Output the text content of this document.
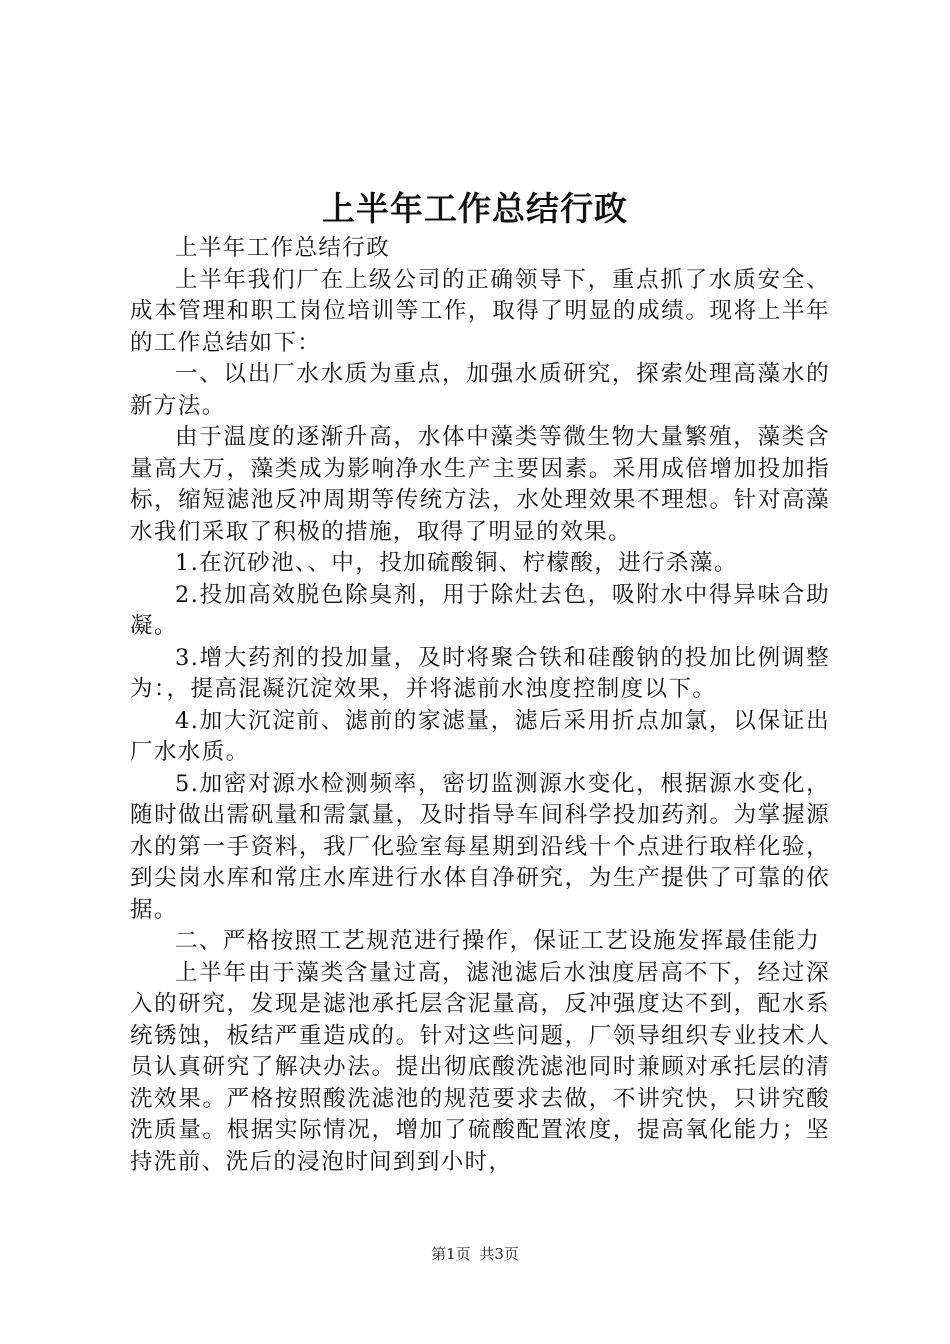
上半年工作总结行政

上半年工作总结行政

上半年我们厂在上级公司的正确领导下，重点抓了水质安全、成本管理和职工岗位培训等工作，取得了明显的成绩。现将上半年的工作总结如下：

一、以出厂水水质为重点，加强水质研究，探索处理高藻水的新方法。

由于温度的逐渐升高，水体中藻类等微生物大量繁殖，藻类含量高大万，藻类成为影响净水生产主要因素。采用成倍增加投加指标，缩短滤池反冲周期等传统方法，水处理效果不理想。针对高藻水我们采取了积极的措施，取得了明显的效果。

1.在沉砂池、、中，投加硫酸铜、柠檬酸，进行杀藻。

2.投加高效脱色除臭剂，用于除灶去色，吸附水中得异味合助凝。

3.增大药剂的投加量，及时将聚合铁和硅酸钠的投加比例调整为：，提高混凝沉淀效果，并将滤前水浊度控制度以下。

4.加大沉淀前、滤前的家滤量，滤后采用折点加氯，以保证出厂水水质。

5.加密对源水检测频率，密切监测源水变化，根据源水变化，随时做出需矾量和需氯量，及时指导车间科学投加药剂。为掌握源水的第一手资料，我厂化验室每星期到沿线十个点进行取样化验，到尖岗水库和常庄水库进行水体自净研究，为生产提供了可靠的依据。

二、严格按照工艺规范进行操作，保证工艺设施发挥最佳能力

上半年由于藻类含量过高，滤池滤后水浊度居高不下，经过深入的研究，发现是滤池承托层含泥量高，反冲强度达不到，配水系统锈蚀，板结严重造成的。针对这些问题，厂领导组织专业技术人员认真研究了解决办法。提出彻底酸洗滤池同时兼顾对承托层的清洗效果。严格按照酸洗滤池的规范要求去做，不讲究快，只讲究酸洗质量。根据实际情况，增加了硫酸配置浓度，提高氧化能力；坚持洗前、洗后的浸泡时间到到小时，

第1页 共3页
